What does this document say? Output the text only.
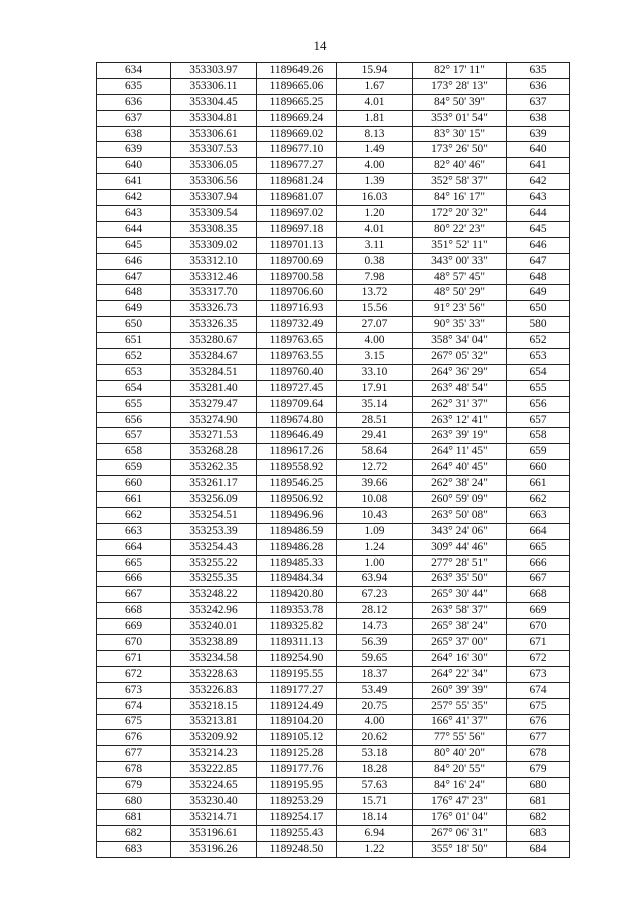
14
634	353303.97	1189649.26	15.94	82° 17' 11"	635
635	353306.11	1189665.06	1.67	173° 28' 13"	636
636	353304.45	1189665.25	4.01	84° 50' 39"	637
637	353304.81	1189669.24	1.81	353° 01' 54"	638
638	353306.61	1189669.02	8.13	83° 30' 15"	639
639	353307.53	1189677.10	1.49	173° 26' 50"	640
640	353306.05	1189677.27	4.00	82° 40' 46"	641
641	353306.56	1189681.24	1.39	352° 58' 37"	642
642	353307.94	1189681.07	16.03	84° 16' 17"	643
643	353309.54	1189697.02	1.20	172° 20' 32"	644
644	353308.35	1189697.18	4.01	80° 22' 23"	645
645	353309.02	1189701.13	3.11	351° 52' 11"	646
646	353312.10	1189700.69	0.38	343° 00' 33"	647
647	353312.46	1189700.58	7.98	48° 57' 45"	648
648	353317.70	1189706.60	13.72	48° 50' 29"	649
649	353326.73	1189716.93	15.56	91° 23' 56"	650
650	353326.35	1189732.49	27.07	90° 35' 33"	580
651	353280.67	1189763.65	4.00	358° 34' 04"	652
652	353284.67	1189763.55	3.15	267° 05' 32"	653
653	353284.51	1189760.40	33.10	264° 36' 29"	654
654	353281.40	1189727.45	17.91	263° 48' 54"	655
655	353279.47	1189709.64	35.14	262° 31' 37"	656
656	353274.90	1189674.80	28.51	263° 12' 41"	657
657	353271.53	1189646.49	29.41	263° 39' 19"	658
658	353268.28	1189617.26	58.64	264° 11' 45"	659
659	353262.35	1189558.92	12.72	264° 40' 45"	660
660	353261.17	1189546.25	39.66	262° 38' 24"	661
661	353256.09	1189506.92	10.08	260° 59' 09"	662
662	353254.51	1189496.96	10.43	263° 50' 08"	663
663	353253.39	1189486.59	1.09	343° 24' 06"	664
664	353254.43	1189486.28	1.24	309° 44' 46"	665
665	353255.22	1189485.33	1.00	277° 28' 51"	666
666	353255.35	1189484.34	63.94	263° 35' 50"	667
667	353248.22	1189420.80	67.23	265° 30' 44"	668
668	353242.96	1189353.78	28.12	263° 58' 37"	669
669	353240.01	1189325.82	14.73	265° 38' 24"	670
670	353238.89	1189311.13	56.39	265° 37' 00"	671
671	353234.58	1189254.90	59.65	264° 16' 30"	672
672	353228.63	1189195.55	18.37	264° 22' 34"	673
673	353226.83	1189177.27	53.49	260° 39' 39"	674
674	353218.15	1189124.49	20.75	257° 55' 35"	675
675	353213.81	1189104.20	4.00	166° 41' 37"	676
676	353209.92	1189105.12	20.62	77° 55' 56"	677
677	353214.23	1189125.28	53.18	80° 40' 20"	678
678	353222.85	1189177.76	18.28	84° 20' 55"	679
679	353224.65	1189195.95	57.63	84° 16' 24"	680
680	353230.40	1189253.29	15.71	176° 47' 23"	681
681	353214.71	1189254.17	18.14	176° 01' 04"	682
682	353196.61	1189255.43	6.94	267° 06' 31"	683
683	353196.26	1189248.50	1.22	355° 18' 50"	684
